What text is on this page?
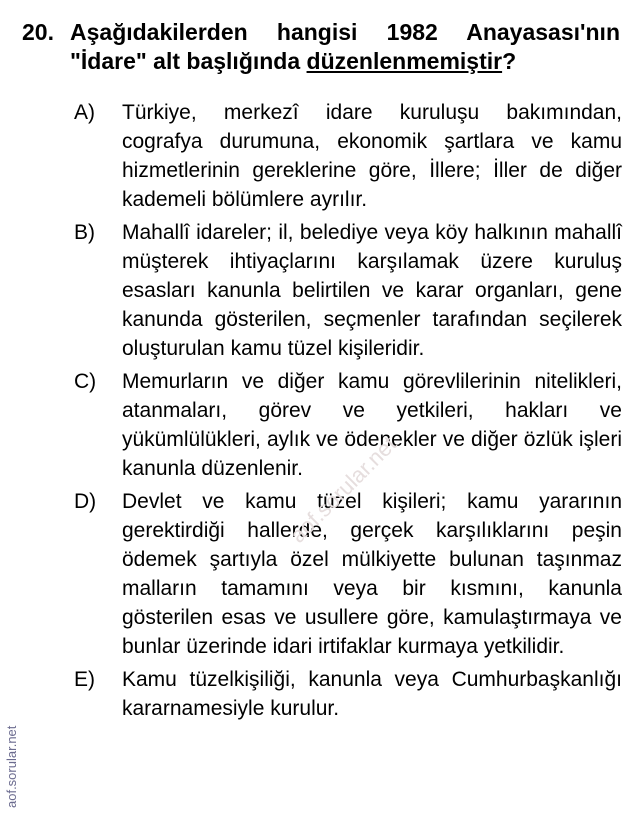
20. Aşağıdakilerden hangisi 1982 Anayasası'nın "İdare" alt başlığında düzenlenmemiştir?
A)	Türkiye, merkezî idare kuruluşu bakımından, cografya durumuna, ekonomik şartlara ve kamu hizmetlerinin gereklerine göre, İllere; İller de diğer kademeli bölümlere ayrılır.
B)	Mahallî idareler; il, belediye veya köy halkının mahallî müşterek ihtiyaçlarını karşılamak üzere kuruluş esasları kanunla belirtilen ve karar organları, gene kanunda gösterilen, seçmenler tarafından seçilerek oluşturulan kamu tüzel kişileridir.
C)	Memurların ve diğer kamu görevlilerinin nitelikleri, atanmaları, görev ve yetkileri, hakları ve yükümlülükleri, aylık ve ödenekler ve diğer özlük işleri kanunla düzenlenir.
D)	Devlet ve kamu tüzel kişileri; kamu yararının gerektirdiği hallerde, gerçek karşılıklarını peşin ödemek şartıyla özel mülkiyette bulunan taşınmaz malların tamamını veya bir kısmını, kanunla gösterilen esas ve usullere göre, kamulaştırmaya ve bunlar üzerinde idari irtifaklar kurmaya yetkilidir.
E)	Kamu tüzelkişiliği, kanunla veya Cumhurbaşkanlığı kararnamesiyle kurulur.
aof.sorular.net
aof.sorular.net
